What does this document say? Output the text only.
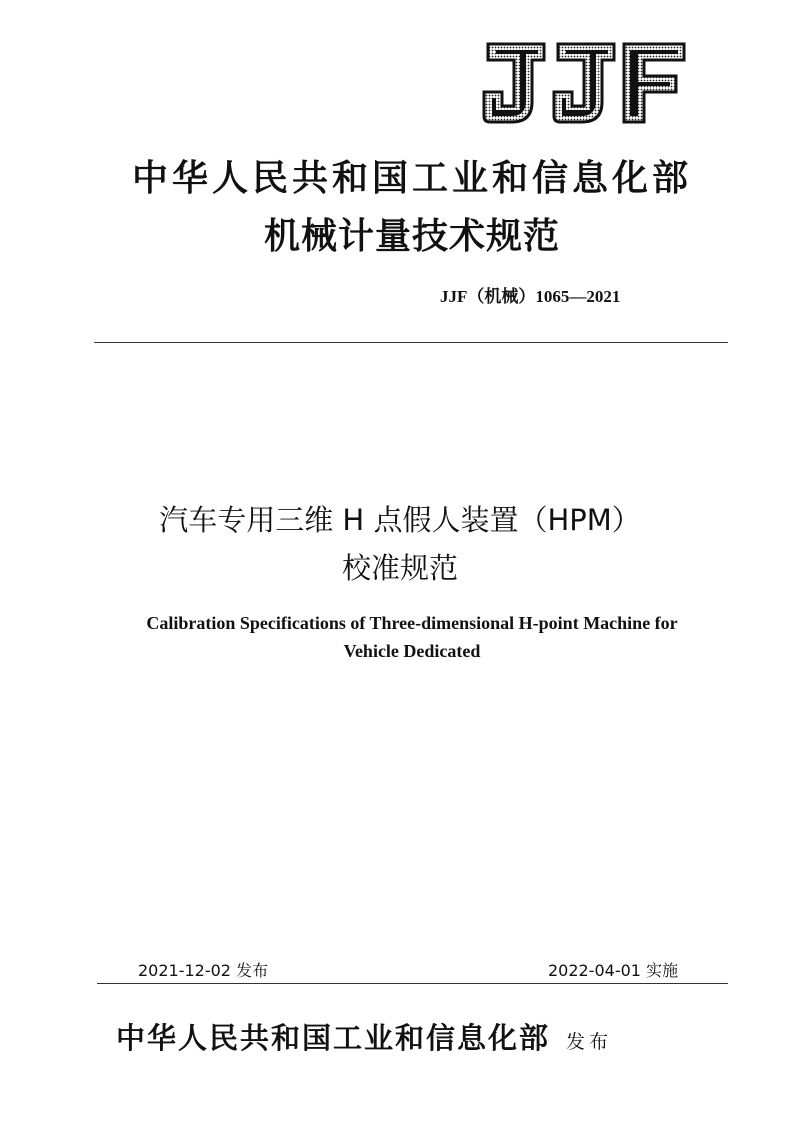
中华人民共和国工业和信息化部
机械计量技术规范
JJF（机械）1065—2021
汽车专用三维 H 点假人装置（HPM）
校准规范
Calibration Specifications of Three-dimensional H-point Machine for
Vehicle Dedicated
2021-12-02 发布	2022-04-01 实施
中华人民共和国工业和信息化部 发布
